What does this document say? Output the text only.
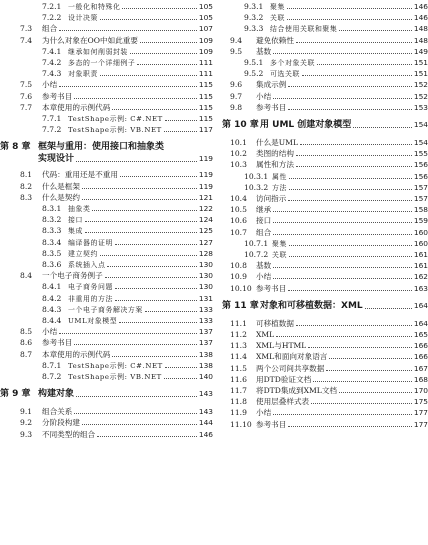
7.2.1 一般化和特殊化	105
7.2.2 设计决策	105
7.3	组合	107
7.4	为什么对象在OO中如此重要	109
7.4.1 继承如何削弱封装	109
7.4.2 多态的一个详细例子	111
7.4.3 对象职责	111
7.5	小结	115
7.6	参考书目	115
7.7	本章使用的示例代码	115
7.7.1 TestShape示例: C#.NET	115
7.7.2 TestShape示例: VB.NET	117
第 8 章 框架与重用：使用接口和抽象类
实现设计	119
8.1	代码：重用还是不重用	119
8.2	什么是框架	119
8.3	什么是契约	121
8.3.1 抽象类	122
8.3.2 接口	124
8.3.3 集成	125
8.3.4 编译器的证明	127
8.3.5 建立契约	128
8.3.6 系统插入点	130
8.4	一个电子商务例子	130
8.4.1 电子商务问题	130
8.4.2 非重用的方法	131
8.4.3 一个电子商务解决方案	133
8.4.4 UML对象模型	133
8.5	小结	137
8.6	参考书目	137
8.7	本章使用的示例代码	138
8.7.1 TestShape示例: C#.NET	138
8.7.2 TestShape示例: VB.NET	140
第 9 章 构建对象	143
9.1	组合关系	143
9.2	分阶段构建	144
9.3	不同类型的组合	146
9.3.1 聚集	146
9.3.2 关联	146
9.3.3 结合使用关联和聚集	148
9.4	避免依赖性	148
9.5	基数	149
9.5.1 多个对象关联	151
9.5.2 可选关联	151
9.6	集成示例	152
9.7	小结	152
9.8	参考书目	153
第 10 章 用 UML 创建对象模型	154
10.1	什么是UML	154
10.2	类图的结构	155
10.3	属性和方法	156
10.3.1 属性	156
10.3.2 方法	157
10.4	访问指示	157
10.5	继承	158
10.6	接口	159
10.7	组合	160
10.7.1 聚集	160
10.7.2 关联	161
10.8	基数	161
10.9	小结	162
10.10 参考书目	163
第 11 章 对象和可移植数据：XML	164
11.1	可移植数据	164
11.2	XML	165
11.3	XML与HTML	166
11.4	XML和面向对象语言	166
11.5	两个公司间共享数据	167
11.6	用DTD验证文档	168
11.7	将DTD集成到XML文档	170
11.8	使用层叠样式表	175
11.9	小结	177
11.10 参考书目	177
